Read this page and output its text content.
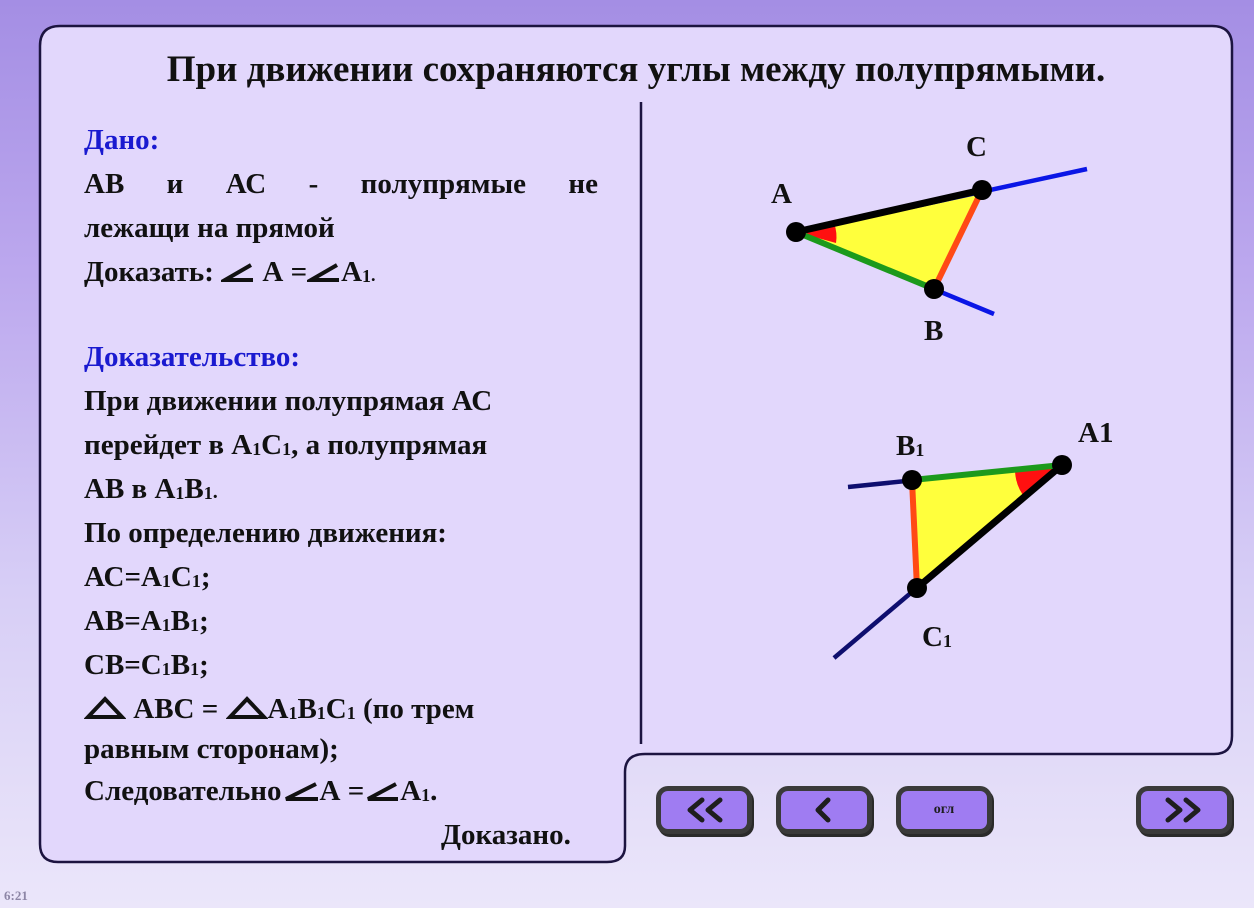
При движении сохраняются углы между полупрямыми.
Дано:
АВ и АС - полупрямые не
лежащи на прямой
Доказать: $А = А_1$.
Доказательство:
При движении полупрямая АС
перейдет в $А_1С_1$, а полупрямая
АВ в $А_1В_1$.
По определению движения:
$АС=А_1С_1$;
$АВ=А_1В_1$;
$СВ=С_1В_1$;
АВС = $А_1В_1С_1$ (по трем
равным сторонам);
Следовательно $А = А_1$.
Доказано.
A
C
B
A1
$B_1$
$C_1$
огл
6:21
